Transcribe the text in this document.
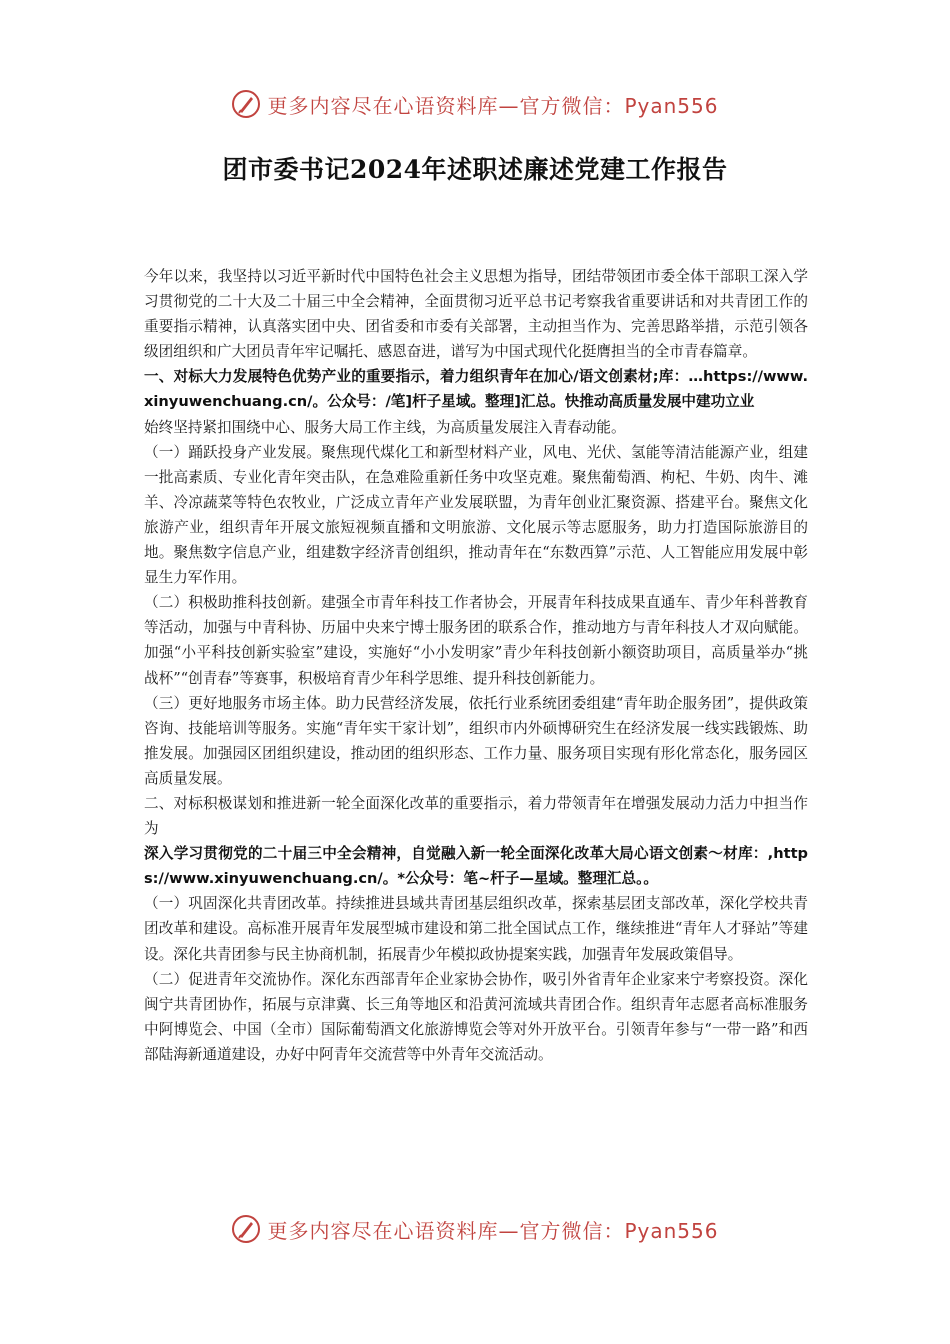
更多内容尽在心语资料库—官方微信：Pyan556
团市委书记2024年述职述廉述党建工作报告

今年以来，我坚持以习近平新时代中国特色社会主义思想为指导，团结带领团市委全体干部职工深入学习贯彻党的二十大及二十届三中全会精神，全面贯彻习近平总书记考察我省重要讲话和对共青团工作的重要指示精神，认真落实团中央、团省委和市委有关部署，主动担当作为、完善思路举措，示范引领各级团组织和广大团员青年牢记嘱托、感恩奋进，谱写为中国式现代化挺膺担当的全市青春篇章。

一、对标大力发展特色优势产业的重要指示，着力组织青年在加心/语文创素材;库：…https://www.xinyuwenchuang.cn/。公众号：/笔]杆子星域。整理]汇总。快推动高质量发展中建功立业

始终坚持紧扣围绕中心、服务大局工作主线，为高质量发展注入青春动能。

（一）踊跃投身产业发展。聚焦现代煤化工和新型材料产业，风电、光伏、氢能等清洁能源产业，组建一批高素质、专业化青年突击队，在急难险重新任务中攻坚克难。聚焦葡萄酒、枸杞、牛奶、肉牛、滩羊、冷凉蔬菜等特色农牧业，广泛成立青年产业发展联盟，为青年创业汇聚资源、搭建平台。聚焦文化旅游产业，组织青年开展文旅短视频直播和文明旅游、文化展示等志愿服务，助力打造国际旅游目的地。聚焦数字信息产业，组建数字经济青创组织，推动青年在“东数西算”示范、人工智能应用发展中彰显生力军作用。

（二）积极助推科技创新。建强全市青年科技工作者协会，开展青年科技成果直通车、青少年科普教育等活动，加强与中青科协、历届中央来宁博士服务团的联系合作，推动地方与青年科技人才双向赋能。加强“小平科技创新实验室”建设，实施好“小小发明家”青少年科技创新小额资助项目，高质量举办“挑战杯”“创青春”等赛事，积极培育青少年科学思维、提升科技创新能力。

（三）更好地服务市场主体。助力民营经济发展，依托行业系统团委组建“青年助企服务团”，提供政策咨询、技能培训等服务。实施“青年实干家计划”，组织市内外硕博研究生在经济发展一线实践锻炼、助推发展。加强园区团组织建设，推动团的组织形态、工作力量、服务项目实现有形化常态化，服务园区高质量发展。

二、对标积极谋划和推进新一轮全面深化改革的重要指示，着力带领青年在增强发展动力活力中担当作为

深入学习贯彻党的二十届三中全会精神，自觉融入新一轮全面深化改革大局心语文创素～材库：,https://www.xinyuwenchuang.cn/。*公众号：笔~杆子—星域。整理汇总。。

（一）巩固深化共青团改革。持续推进县域共青团基层组织改革，探索基层团支部改革，深化学校共青团改革和建设。高标准开展青年发展型城市建设和第二批全国试点工作，继续推进“青年人才驿站”等建设。深化共青团参与民主协商机制，拓展青少年模拟政协提案实践，加强青年发展政策倡导。

（二）促进青年交流协作。深化东西部青年企业家协会协作，吸引外省青年企业家来宁考察投资。深化闽宁共青团协作，拓展与京津冀、长三角等地区和沿黄河流域共青团合作。组织青年志愿者高标准服务中阿博览会、中国（全市）国际葡萄酒文化旅游博览会等对外开放平台。引领青年参与“一带一路”和西部陆海新通道建设，办好中阿青年交流营等中外青年交流活动。

更多内容尽在心语资料库—官方微信：Pyan556
